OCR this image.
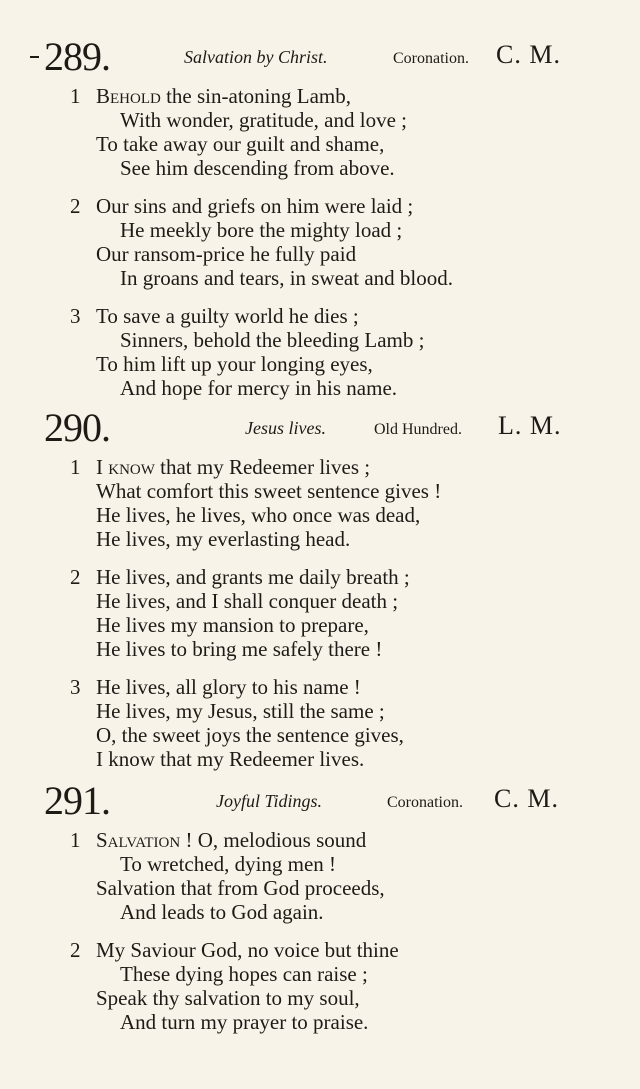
289.	Salvation by Christ.	Coronation. C. M.
1 Behold the sin-atoning Lamb,
With wonder, gratitude, and love ;
To take away our guilt and shame,
See him descending from above.
2 Our sins and griefs on him were laid ;
He meekly bore the mighty load ;
Our ransom-price he fully paid
In groans and tears, in sweat and blood.
3 To save a guilty world he dies ;
Sinners, behold the bleeding Lamb ;
To him lift up your longing eyes,
And hope for mercy in his name.
290.	Jesus lives.	Old Hundred. L. M.
1 I know that my Redeemer lives ;
What comfort this sweet sentence gives !
He lives, he lives, who once was dead,
He lives, my everlasting head.
2 He lives, and grants me daily breath ;
He lives, and I shall conquer death ;
He lives my mansion to prepare,
He lives to bring me safely there !
3 He lives, all glory to his name !
He lives, my Jesus, still the same ;
O, the sweet joys the sentence gives,
I know that my Redeemer lives.
291.	Joyful Tidings.	Coronation. C. M.
1 Salvation ! O, melodious sound
To wretched, dying men !
Salvation that from God proceeds,
And leads to God again.
2 My Saviour God, no voice but thine
These dying hopes can raise ;
Speak thy salvation to my soul,
And turn my prayer to praise.
